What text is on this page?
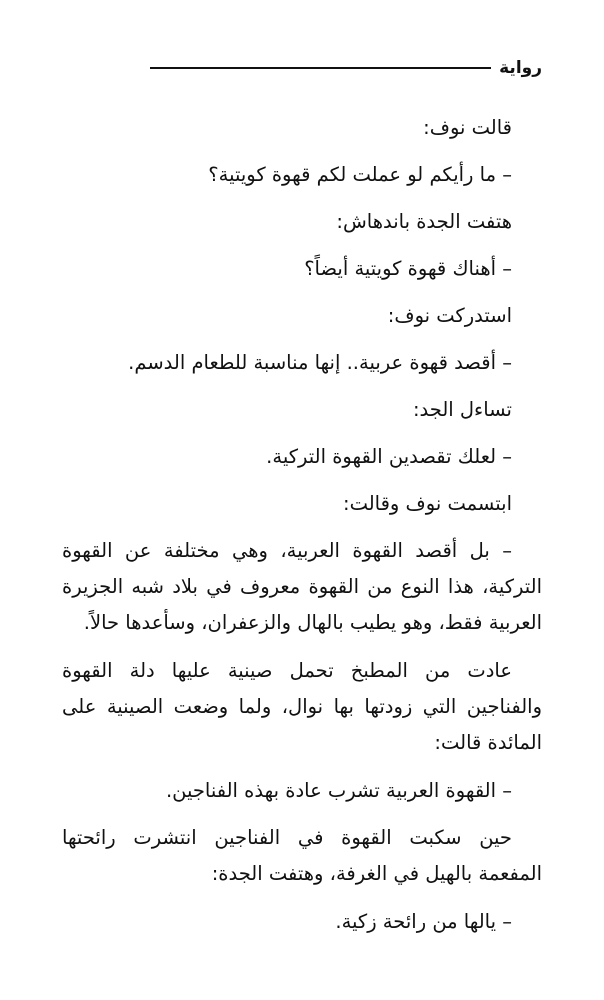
رواية

قالت نوف:

– ما رأيكم لو عملت لكم قهوة كويتية؟

هتفت الجدة باندهاش:

– أهناك قهوة كويتية أيضاً؟

استدركت نوف:

– أقصد قهوة عربية.. إنها مناسبة للطعام الدسم.

تساءل الجد:

– لعلك تقصدين القهوة التركية.

ابتسمت نوف وقالت:

– بل أقصد القهوة العربية، وهي مختلفة عن القهوة التركية، هذا النوع من القهوة معروف في بلاد شبه الجزيرة العربية فقط، وهو يطيب بالهال والزعفران، وسأعدها حالاً.

عادت من المطبخ تحمل صينية عليها دلة القهوة والفناجين التي زودتها بها نوال، ولما وضعت الصينية على المائدة قالت:

– القهوة العربية تشرب عادة بهذه الفناجين.

حين سكبت القهوة في الفناجين انتشرت رائحتها المفعمة بالهيل في الغرفة، وهتفت الجدة:

– يالها من رائحة زكية.
